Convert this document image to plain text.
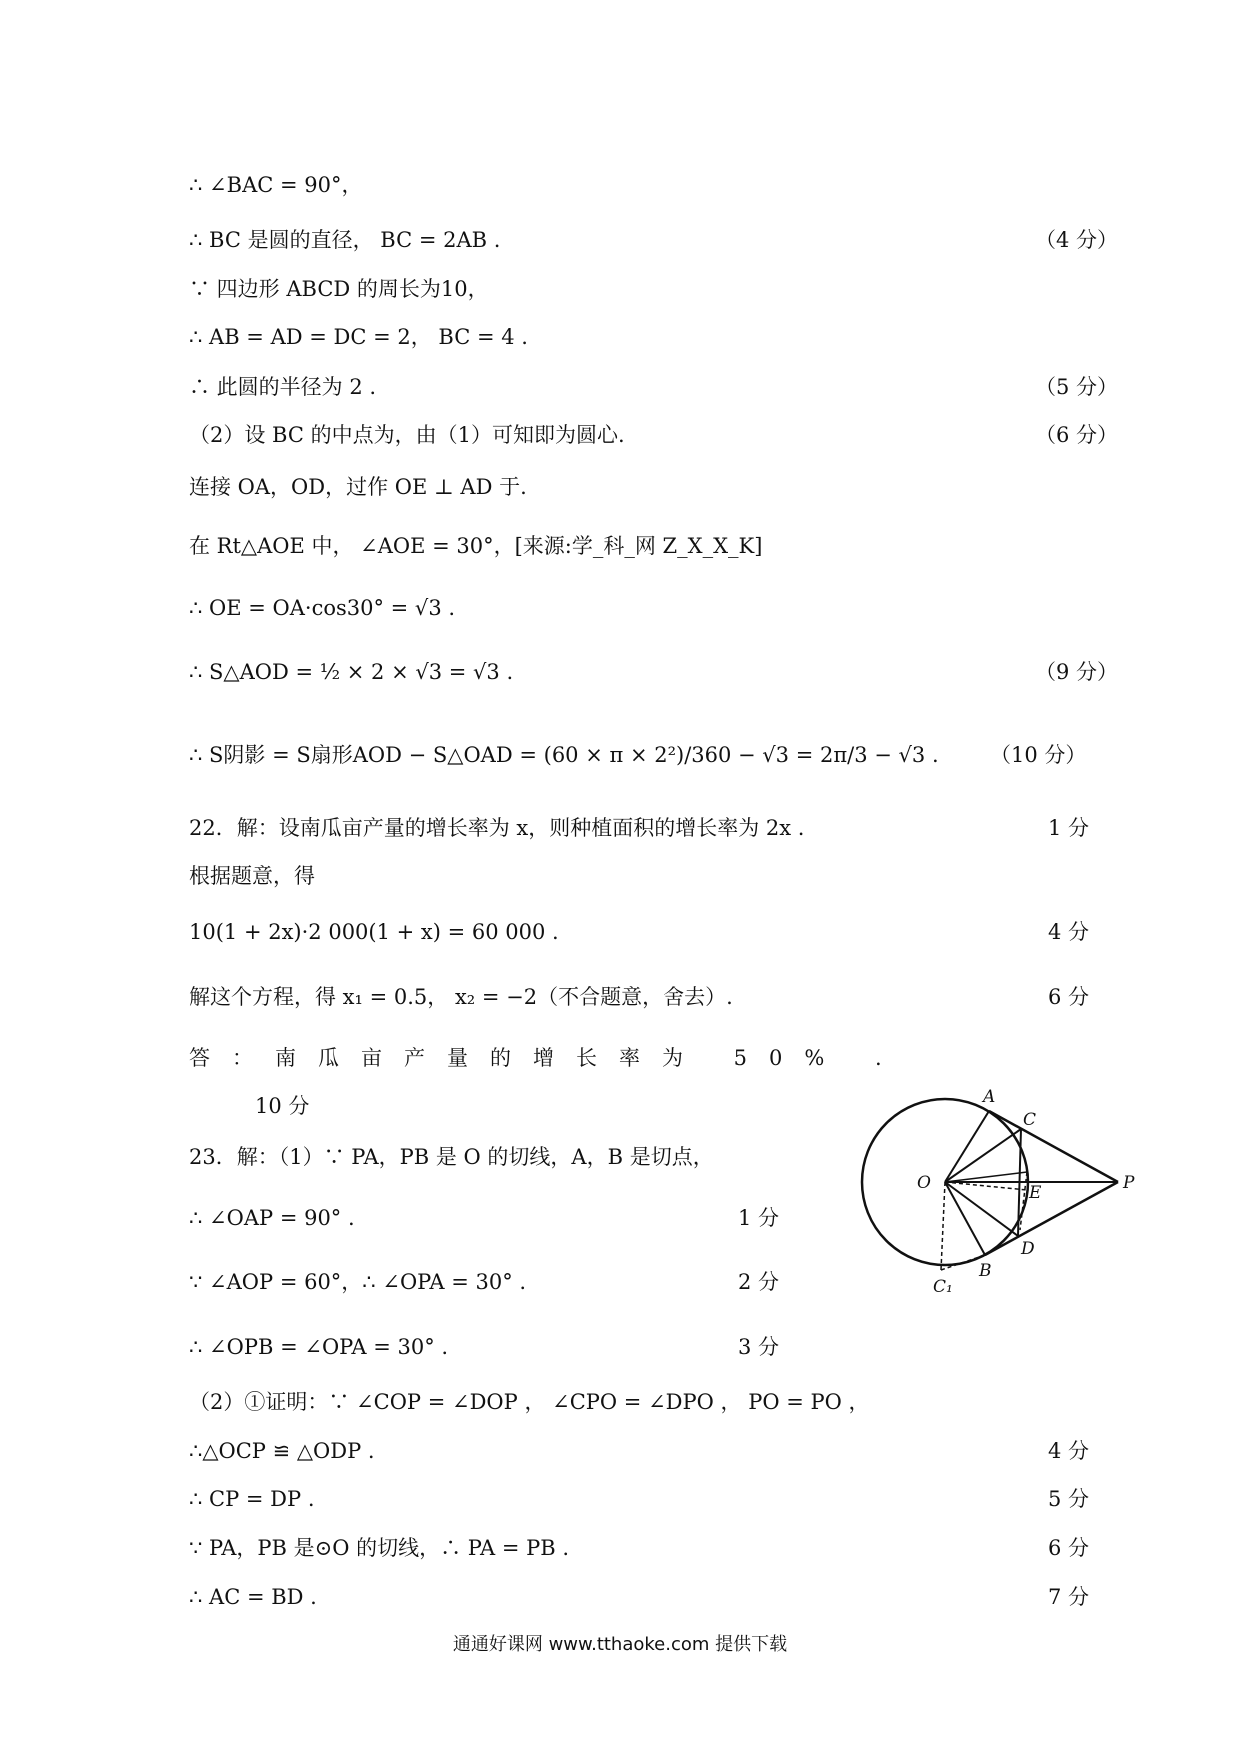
∴ ∠BAC = 90°，
∴ BC 是圆的直径， BC = 2AB .	（4 分）
∵ 四边形 ABCD 的周长为10，
∴ AB = AD = DC = 2， BC = 4 .
∴ 此圆的半径为 2 .	（5 分）
（2）设 BC 的中点为，由（1）可知即为圆心.	（6 分）
连接 OA，OD，过作 OE ⊥ AD 于.
在 Rt△AOE 中， ∠AOE = 30°，[来源:学_科_网 Z_X_X_K]
∴ OE = OA·cos30° = √3 .
∴ S△AOD = ½ × 2 × √3 = √3 .	（9 分）
∴ S阴影 = S扇形AOD − S△OAD = (60 × π × 2²)/360 − √3 = 2π/3 − √3 . （10 分）
22．解：设南瓜亩产量的增长率为 x，则种植面积的增长率为 2x .	1 分
根据题意，得
10(1 + 2x)·2 000(1 + x) = 60 000 .	4 分
解这个方程，得 x₁ = 0.5， x₂ = −2（不合题意，舍去）.	6 分
答：南瓜亩产量的增长率为 50% .
10 分
23．解：（1）∵ PA，PB 是 O 的切线，A，B 是切点，
∴ ∠OAP = 90° .	1 分
∵ ∠AOP = 60°，∴ ∠OPA = 30° .	2 分
∴ ∠OPB = ∠OPA = 30° .	3 分
（2）①证明：∵ ∠COP = ∠DOP ， ∠CPO = ∠DPO ， PO = PO ，
∴△OCP ≌ △ODP .	4 分
∴ CP = DP .	5 分
∵ PA，PB 是⊙O 的切线，∴ PA = PB .	6 分
∴ AC = BD .	7 分
A
C
O	E	P
D
B
C₁
通通好课网 www.tthaoke.com 提供下载
